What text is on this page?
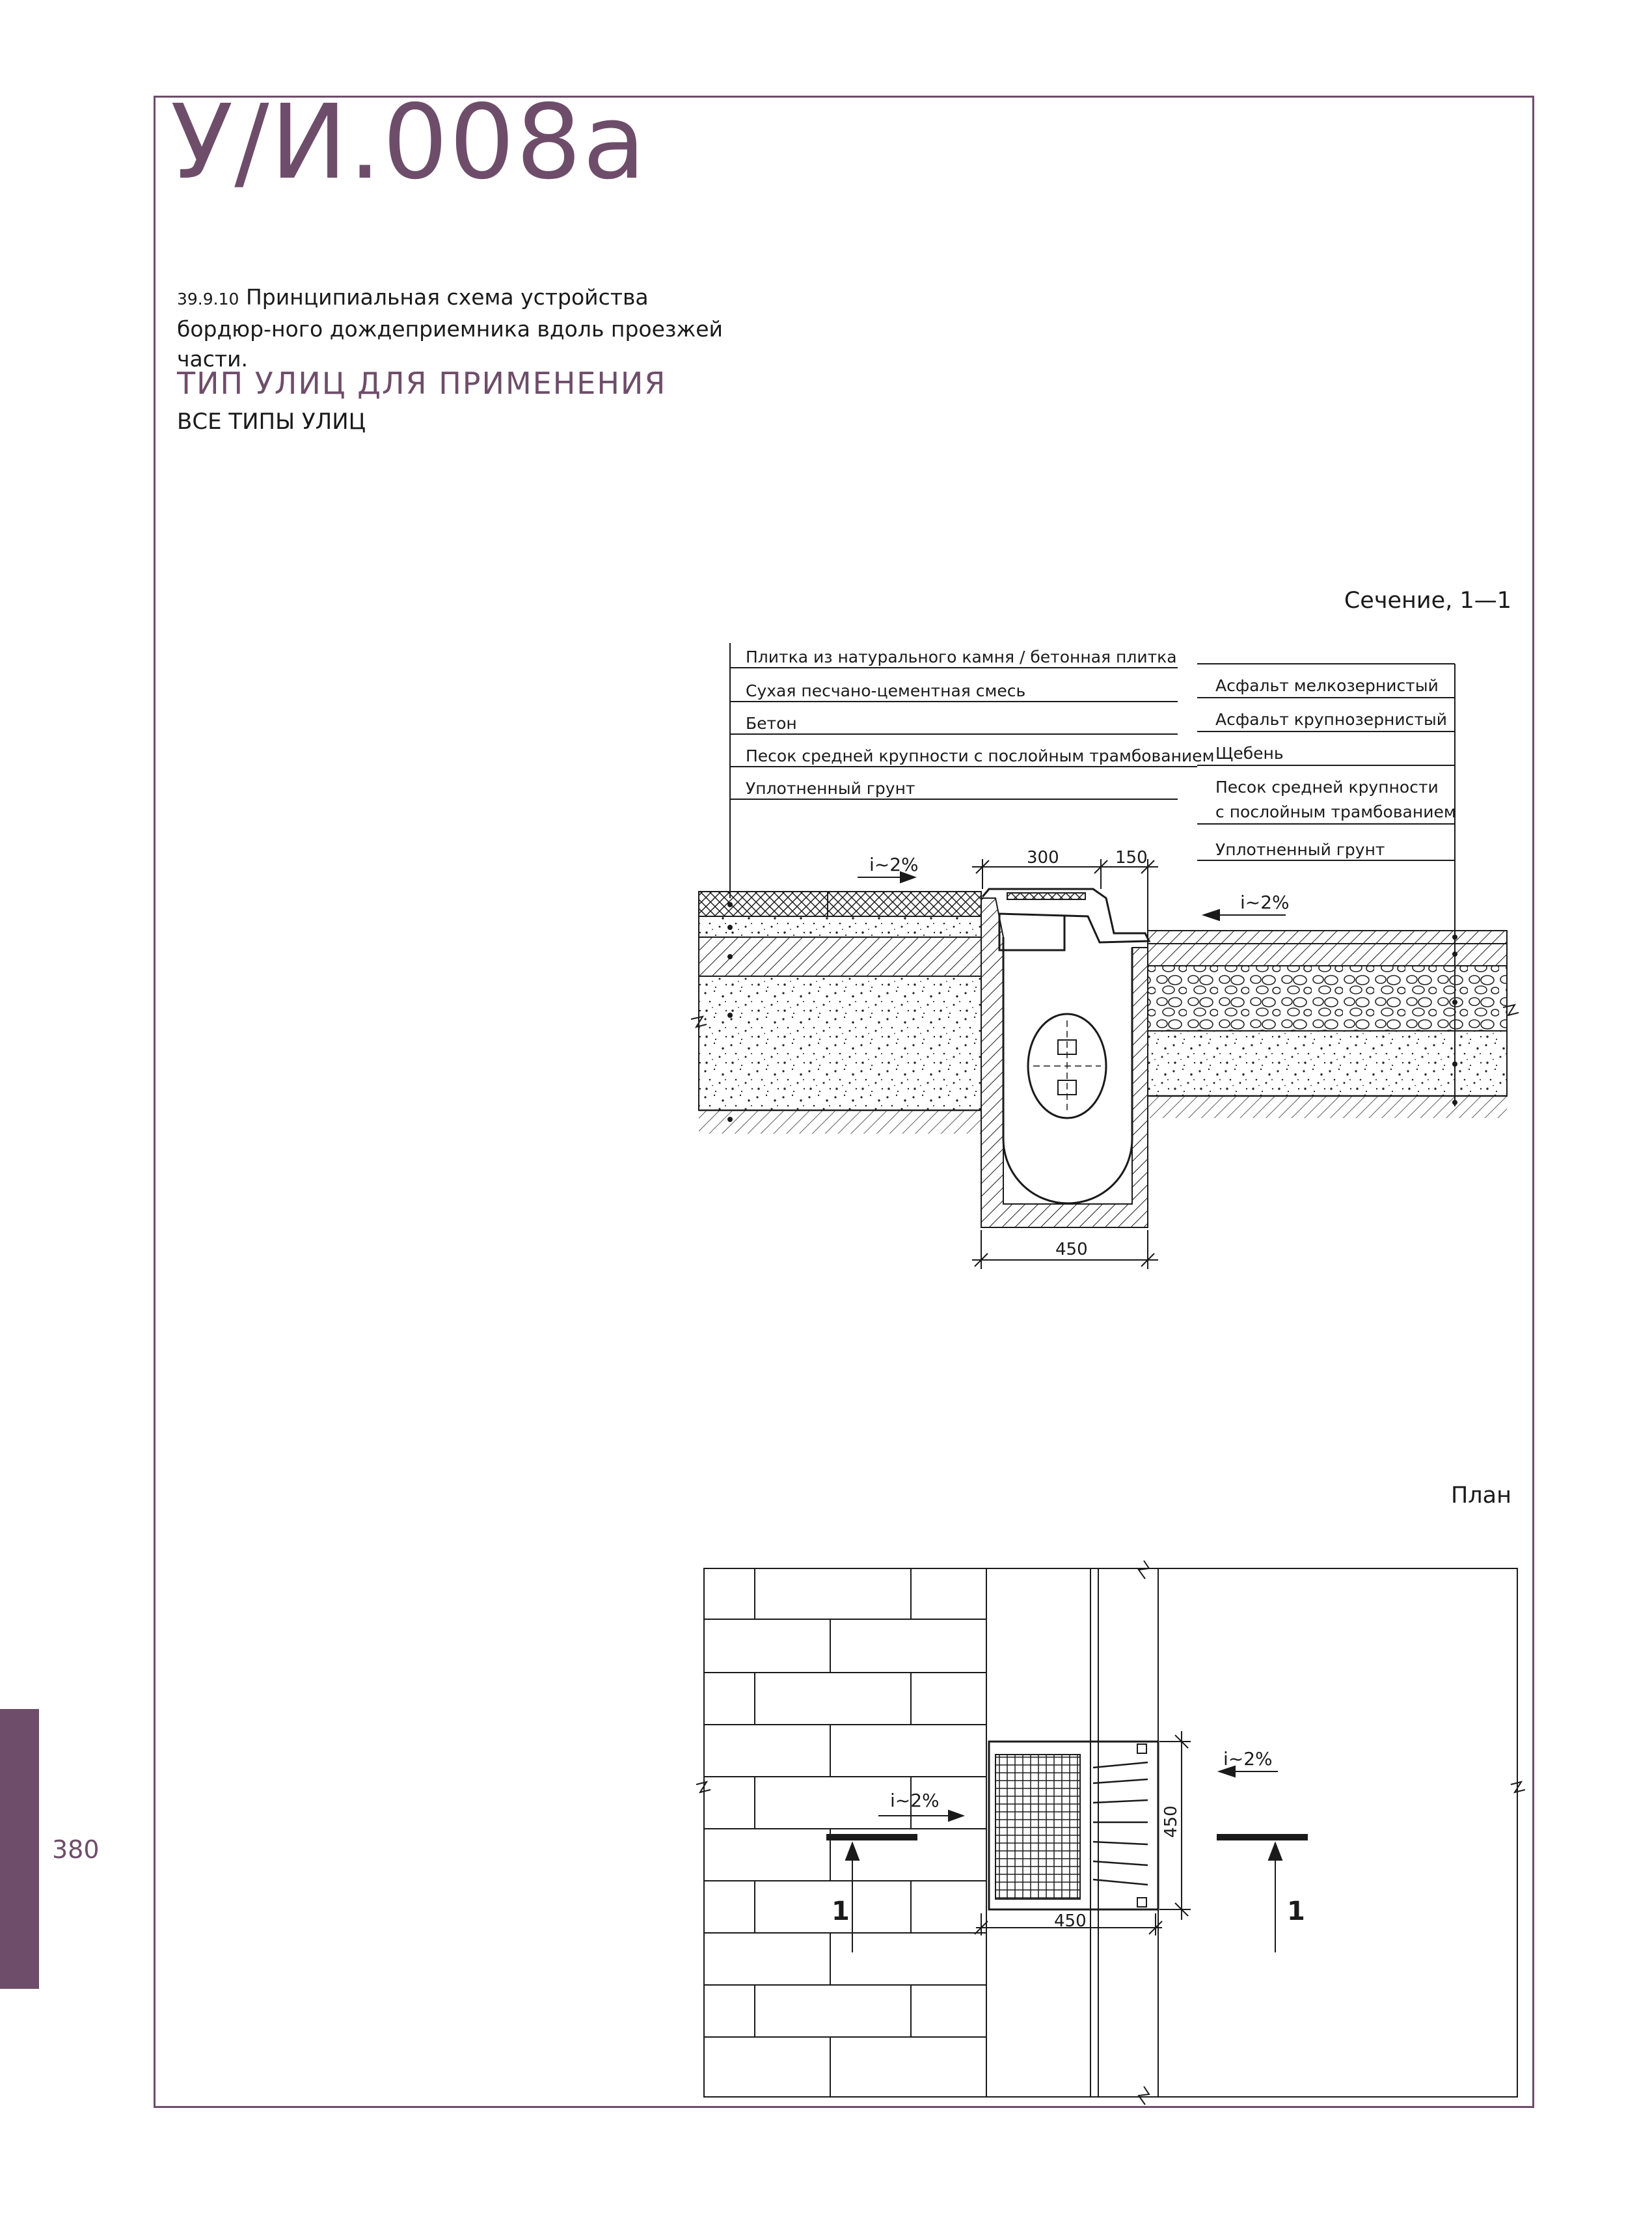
380
У/И.008а
39.9.10 Принципиальная схема устройства бордюр-ного дождеприемника вдоль проезжей части.
ТИП УЛИЦ ДЛЯ ПРИМЕНЕНИЯ
ВСЕ ТИПЫ УЛИЦ
Сечение, 1—1
План
Плитка из натурального камня / бетонная плитка
Сухая песчано-цементная смесь
Бетон
Песок средней крупности с послойным трамбованием
Уплотненный грунт
Асфальт мелкозернистый
Асфальт крупнозернистый
Щебень
Песок средней крупности
с послойным трамбованием
Уплотненный грунт
300	150
450
i~2%
i~2%
i~2%
i~2%
450
450
1	1
